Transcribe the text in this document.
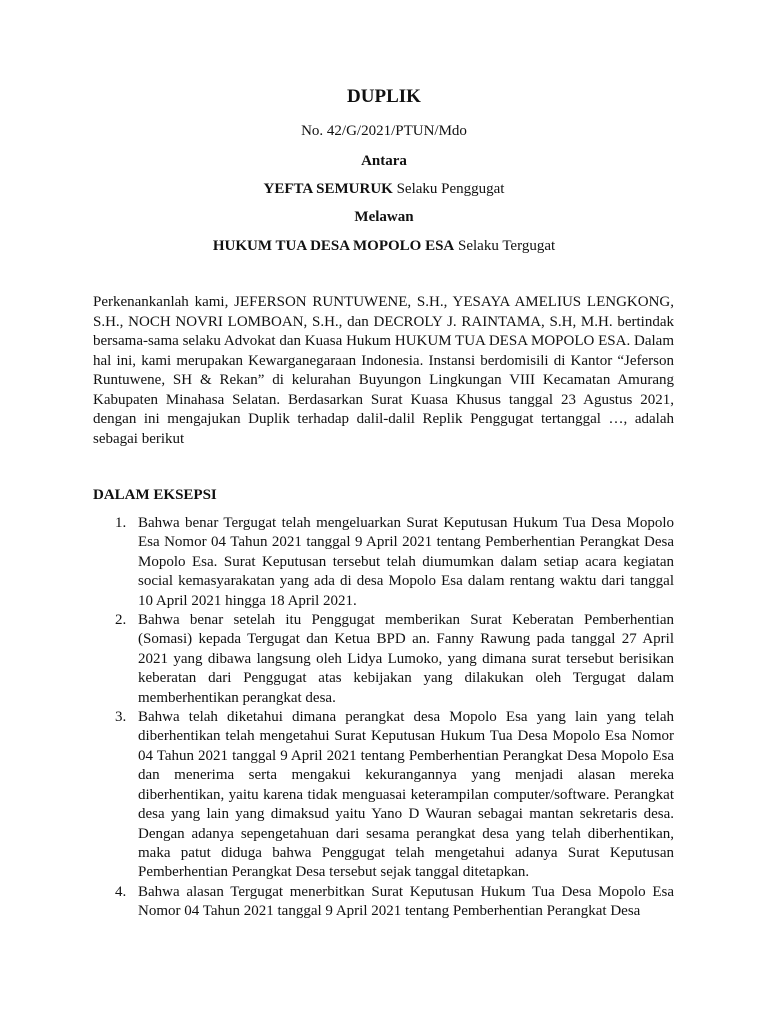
DUPLIK
No. 42/G/2021/PTUN/Mdo
Antara
YEFTA SEMURUK Selaku Penggugat
Melawan
HUKUM TUA DESA MOPOLO ESA Selaku Tergugat
Perkenankanlah kami, JEFERSON RUNTUWENE, S.H., YESAYA AMELIUS LENGKONG, S.H., NOCH NOVRI LOMBOAN, S.H., dan DECROLY J. RAINTAMA, S.H, M.H. bertindak bersama-sama selaku Advokat dan Kuasa Hukum HUKUM TUA DESA MOPOLO ESA. Dalam hal ini, kami merupakan Kewarganegaraan Indonesia. Instansi berdomisili di Kantor “Jeferson Runtuwene, SH & Rekan” di kelurahan Buyungon Lingkungan VIII Kecamatan Amurang Kabupaten Minahasa Selatan. Berdasarkan Surat Kuasa Khusus tanggal 23 Agustus 2021, dengan ini mengajukan Duplik terhadap dalil-dalil Replik Penggugat tertanggal …, adalah sebagai berikut
DALAM EKSEPSI
1. Bahwa benar Tergugat telah mengeluarkan Surat Keputusan Hukum Tua Desa Mopolo Esa Nomor 04 Tahun 2021 tanggal 9 April 2021 tentang Pemberhentian Perangkat Desa Mopolo Esa. Surat Keputusan tersebut telah diumumkan dalam setiap acara kegiatan social kemasyarakatan yang ada di desa Mopolo Esa dalam rentang waktu dari tanggal 10 April 2021 hingga 18 April 2021.
2. Bahwa benar setelah itu Penggugat memberikan Surat Keberatan Pemberhentian (Somasi) kepada Tergugat dan Ketua BPD an. Fanny Rawung pada tanggal 27 April 2021 yang dibawa langsung oleh Lidya Lumoko, yang dimana surat tersebut berisikan keberatan dari Penggugat atas kebijakan yang dilakukan oleh Tergugat dalam memberhentikan perangkat desa.
3. Bahwa telah diketahui dimana perangkat desa Mopolo Esa yang lain yang telah diberhentikan telah mengetahui Surat Keputusan Hukum Tua Desa Mopolo Esa Nomor 04 Tahun 2021 tanggal 9 April 2021 tentang Pemberhentian Perangkat Desa Mopolo Esa dan menerima serta mengakui kekurangannya yang menjadi alasan mereka diberhentikan, yaitu karena tidak menguasai keterampilan computer/software. Perangkat desa yang lain yang dimaksud yaitu Yano D Wauran sebagai mantan sekretaris desa. Dengan adanya sepengetahuan dari sesama perangkat desa yang telah diberhentikan, maka patut diduga bahwa Penggugat telah mengetahui adanya Surat Keputusan Pemberhentian Perangkat Desa tersebut sejak tanggal ditetapkan.
4. Bahwa alasan Tergugat menerbitkan Surat Keputusan Hukum Tua Desa Mopolo Esa Nomor 04 Tahun 2021 tanggal 9 April 2021 tentang Pemberhentian Perangkat Desa
